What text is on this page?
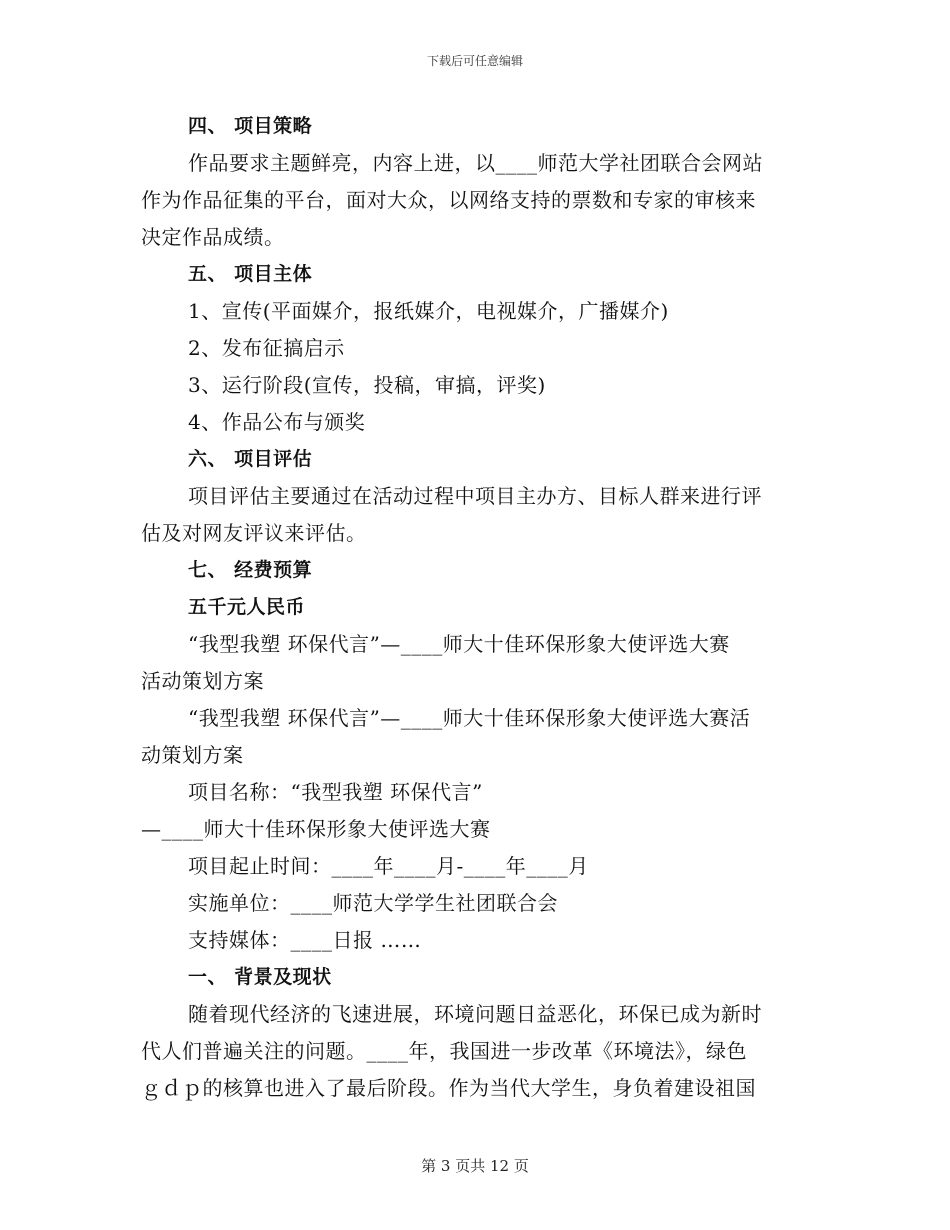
下载后可任意编辑
四、 项目策略
作品要求主题鲜亮，内容上进，以____师范大学社团联合会网站
作为作品征集的平台，面对大众，以网络支持的票数和专家的审核来
决定作品成绩。
五、 项目主体
1、宣传(平面媒介，报纸媒介，电视媒介，广播媒介)
2、发布征搞启示
3、运行阶段(宣传，投稿，审搞，评奖)
4、作品公布与颁奖
六、 项目评估
项目评估主要通过在活动过程中项目主办方、目标人群来进行评
估及对网友评议来评估。
七、 经费预算
五千元人民币
“我型我塑 环保代言”—____师大十佳环保形象大使评选大赛
活动策划方案
“我型我塑 环保代言”—____师大十佳环保形象大使评选大赛活
动策划方案
项目名称：“我型我塑 环保代言”
—____师大十佳环保形象大使评选大赛
项目起止时间：____年____月-____年____月
实施单位：____师范大学学生社团联合会
支持媒体：____日报 ……
一、 背景及现状
随着现代经济的飞速进展，环境问题日益恶化，环保已成为新时
代人们普遍关注的问题。____年，我国进一步改革《环境法》，绿色
ｇｄｐ的核算也进入了最后阶段。作为当代大学生，身负着建设祖国
第 3 页共 12 页
